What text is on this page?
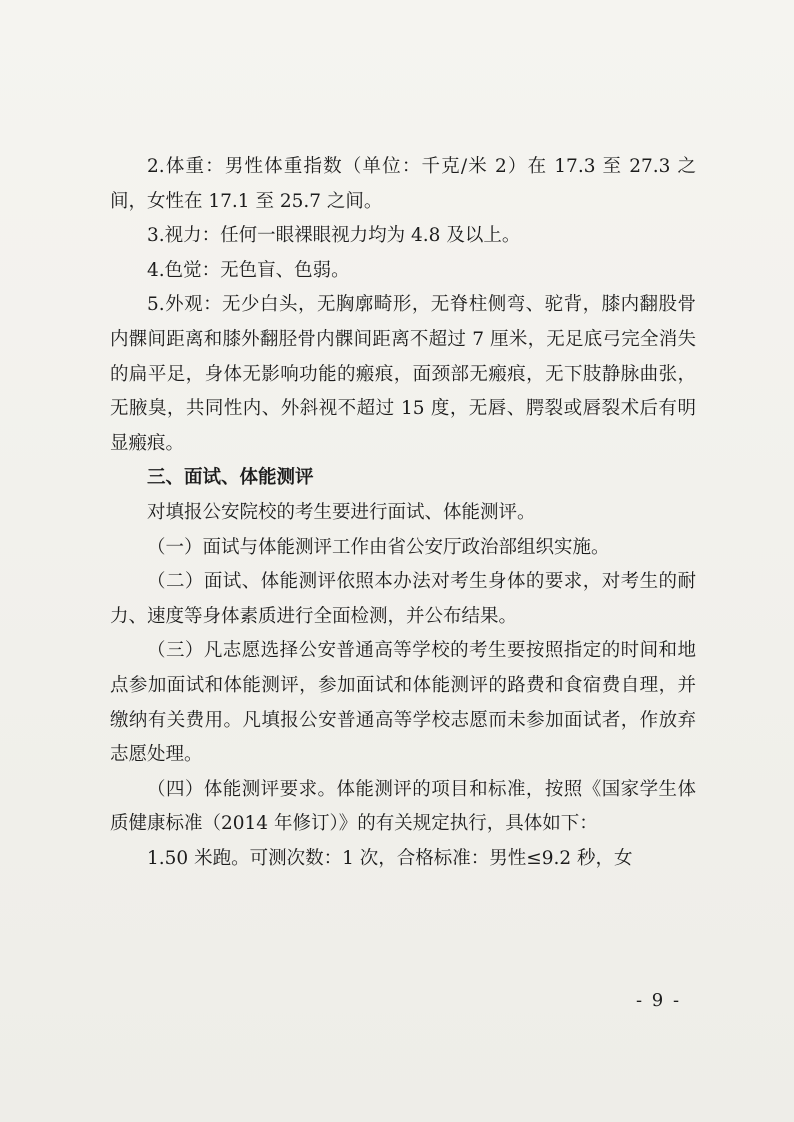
2.体重：男性体重指数（单位：千克/米 2）在 17.3 至 27.3 之间，女性在 17.1 至 25.7 之间。

3.视力：任何一眼裸眼视力均为 4.8 及以上。

4.色觉：无色盲、色弱。

5.外观：无少白头，无胸廓畸形，无脊柱侧弯、驼背，膝内翻股骨内髁间距离和膝外翻胫骨内髁间距离不超过 7 厘米，无足底弓完全消失的扁平足，身体无影响功能的瘢痕，面颈部无瘢痕，无下肢静脉曲张，无腋臭，共同性内、外斜视不超过 15 度，无唇、腭裂或唇裂术后有明显瘢痕。

三、面试、体能测评

对填报公安院校的考生要进行面试、体能测评。

（一）面试与体能测评工作由省公安厅政治部组织实施。

（二）面试、体能测评依照本办法对考生身体的要求，对考生的耐力、速度等身体素质进行全面检测，并公布结果。

（三）凡志愿选择公安普通高等学校的考生要按照指定的时间和地点参加面试和体能测评，参加面试和体能测评的路费和食宿费自理，并缴纳有关费用。凡填报公安普通高等学校志愿而未参加面试者，作放弃志愿处理。

（四）体能测评要求。体能测评的项目和标准，按照《国家学生体质健康标准（2014 年修订）》的有关规定执行，具体如下：

1.50 米跑。可测次数：1 次，合格标准：男性≤9.2 秒，女

- 9 -
